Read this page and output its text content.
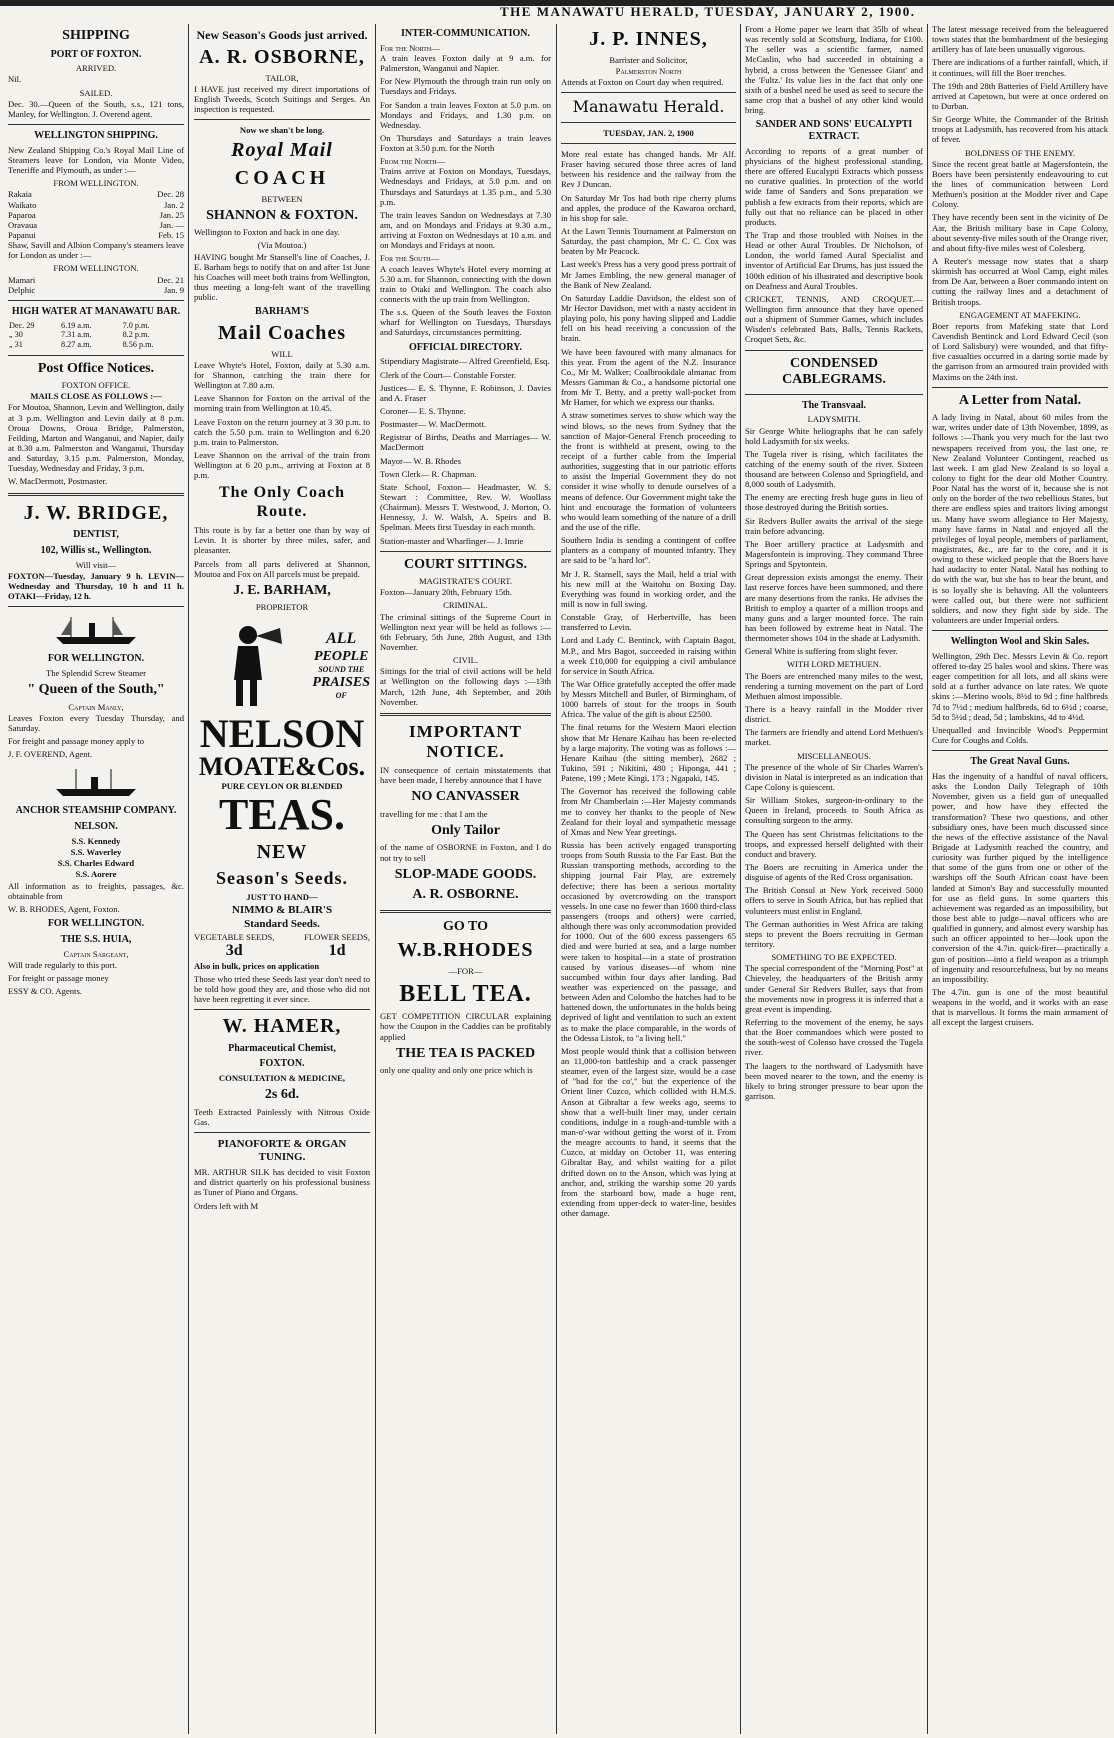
THE MANAWATU HERALD, TUESDAY, JANUARY 2, 1900.
SHIPPING
PORT OF FOXTON.
ARRIVED.

Nil.

SAILED.

Dec. 30.—Queen of the South, s.s., 121 tons, Manley, for Wellington. J. Overend agent.

WELLINGTON SHIPPING.

New Zealand Shipping Co.'s Royal Mail Line of Steamers leave for London, via Monte Video, Teneriffe and Plymouth, as under :—

FROM WELLINGTON.
Rakaia	Dec. 28
Waikato	Jan. 2
Paparoa	Jan. 25
Oravaua	Jan. —
Papanui	Feb. 15

Shaw, Savill and Albion Company's steamers leave for London as under :—

FROM WELLINGTON.
Mamari	Dec. 21
Delphic	Jan. 9
HIGH WATER AT MANAWATU BAR.
Dec. 29	6.19 a.m.	7.0 p.m.
„ 30	7.31 a.m.	8.2 p.m.
„ 31	8.27 a.m.	8.56 p.m.
Post Office Notices.
FOXTON OFFICE.
MAILS CLOSE AS FOLLOWS :—

For Moutoa, Shannon, Levin and Wellington, daily at 3 p.m. Wellington and Levin daily at 8 p.m. Oroua Downs, Oroua Bridge, Palmerston, Feilding, Marton and Wanganui, and Napier, daily at 8.30 a.m. Palmerston and Wanganui, Thursday and Saturday, 3.15 p.m. Palmerston, Monday, Tuesday, Wednesday and Friday, 3 p.m.

W. MacDermott, Postmaster.

J. W. BRIDGE,
DENTIST,
102, Willis st., Wellington.
Will visit—

FOXTON—Tuesday, January 9 h. LEVIN—Wednesday and Thursday, 10 h and 11 h. OTAKI—Friday, 12 h.

FOR WELLINGTON.
The Splendid Screw Steamer
" Queen of the South,"
Captain Manly,

Leaves Foxton every Tuesday Thursday, and Saturday.

For freight and passage money apply to

J. F. OVEREND, Agent.

ANCHOR STEAMSHIP COMPANY.
NELSON.
S.S. Kennedy
S.S. Waverley
S.S. Charles Edward
S.S. Aorere

All information as to freights, passages, &c. obtainable from

W. B. RHODES, Agent, Foxton.

FOR WELLINGTON.
THE S.S. HUIA,
Captain Sargeant,

Will trade regularly to this port.

For freight or passage money

ESSY & CO. Agents.

New Season's Goods just arrived.
A. R. OSBORNE,
TAILOR,

I HAVE just received my direct importations of English Tweeds, Scotch Suitings and Serges. An inspection is requested.

Now we shan't be long.
Royal Mail
COACH
BETWEEN
SHANNON & FOXTON.

Wellington to Foxton and back in one day.

(Via Moutoa.)

HAVING bought Mr Stansell's line of Coaches, J. E. Barham begs to notify that on and after 1st June his Coaches will meet both trains from Wellington, thus meeting a long-felt want of the travelling public.

BARHAM'S
Mail Coaches
WILL

Leave Whyte's Hotel, Foxton, daily at 5.30 a.m. for Shannon, catching the train there for Wellington at 7.80 a.m.

Leave Shannon for Foxton on the arrival of the morning train from Wellington at 10.45.

Leave Foxton on the return journey at 3 30 p.m. to catch the 5.50 p.m. train to Wellington and 6.20 p.m. train to Palmerston.

Leave Shannon on the arrival of the train from Wellington at 6 20 p.m., arriving at Foxton at 8 p.m.

The Only Coach Route.

This route is by far a better one than by way of Levin. It is shorter by three miles, safer, and pleasanter.

Parcels from all parts delivered at Shannon, Moutoa and Fox on All parcels must be prepaid.

J. E. BARHAM,
PROPRIETOR
ALL
PEOPLE
SOUND THE
PRAISES
OF
NELSON
MOATE&Cos.
PURE CEYLON OR BLENDED
TEAS.
NEW
Season's Seeds.
JUST TO HAND—
NIMMO & BLAIR'S
Standard Seeds.
VEGETABLE SEEDS,
3d
FLOWER SEEDS,
1d

Also in bulk, prices on application

Those who tried these Seeds last year don't need to be told how good they are, and those who did not have been regretting it ever since.

W. HAMER,
Pharmaceutical Chemist,
FOXTON.
CONSULTATION & MEDICINE,
2s 6d.

Teeth Extracted Painlessly with Nitrous Oxide Gas.

PIANOFORTE & ORGAN TUNING.

MR. ARTHUR SILK has decided to visit Foxton and district quarterly on his professional business as Tuner of Piano and Organs.

Orders left with M

INTER-COMMUNICATION.
For the North—

A train leaves Foxton daily at 9 a.m. for Palmerston, Wanganui and Napier.

For New Plymouth the through train run only on Tuesdays and Fridays.

For Sandon a train leaves Foxton at 5.0 p.m. on Mondays and Fridays, and 1.30 p.m. on Wednesday.

On Thursdays and Saturdays a train leaves Foxton at 3.50 p.m. for the North

From the North—

Trains arrive at Foxton on Mondays, Tuesdays, Wednesdays and Fridays, at 5.0 p.m. and on Thursdays and Saturdays at 1.35 p.m., and 5.30 p.m.

The train leaves Sandon on Wednesdays at 7.30 am, and on Mondays and Fridays at 9.30 a.m., arriving at Foxton on Wednesdays at 10 a.m. and on Mondays and Fridays at noon.

For the South—

A coach leaves Whyte's Hotel every morning at 5.30 a.m. for Shannon, connecting with the down train to Otaki and Wellington. The coach also connects with the up train from Wellington.

The s.s. Queen of the South leaves the Foxton wharf for Wellington on Tuesdays, Thursdays and Saturdays, circumstances permitting.

OFFICIAL DIRECTORY.

Stipendiary Magistrate— Alfred Greenfield, Esq.

Clerk of the Court— Constable Forster.

Justices— E. S. Thynne, F. Robinson, J. Davies and A. Fraser

Coroner— E. S. Thynne.

Postmaster— W. MacDermott.

Registrar of Births, Deaths and Marriages— W. MacDermott

Mayor— W. B. Rhodes

Town Clerk— R. Chapman.

State School, Foxton— Headmaster, W. S. Stewart : Committee, Rev. W. Woollass (Chairman). Messrs T. Westwood, J. Morton, O. Hennessy, J. W. Walsh, A. Speirs and B. Spelman. Meets first Tuesday in each month.

Station-master and Wharfinger— J. Imrie

COURT SITTINGS.
MAGISTRATE'S COURT.

Foxton—January 20th, February 15th.

CRIMINAL.

The criminal sittings of the Supreme Court in Wellington next year will be held as follows :—6th February, 5th June, 28th August, and 13th November.

CIVIL.

Sittings for the trial of civil actions will be held at Wellington on the following days :—13th March, 12th June, 4th September, and 20th November.

IMPORTANT NOTICE.

IN consequence of certain misstatements that have been made, I hereby announce that I have

NO CANVASSER

travelling for me : that I am the

Only Tailor

of the name of OSBORNE in Foxton, and I do not try to sell

SLOP-MADE GOODS.
A. R. OSBORNE.
GO TO
W.B.RHODES
—FOR—
BELL TEA.

GET COMPETITION CIRCULAR explaining how the Coupon in the Caddies can be profitably applied

THE TEA IS PACKED

only one quality and only one price which is

J. P. INNES,
Barrister and Solicitor,
Palmerston North

Attends at Foxton on Court day when required.

Manawatu Herald.
TUESDAY, JAN. 2, 1900

More real estate has changed hands. Mr Alf. Fraser having secured those three acres of land between his residence and the railway from the Rev J Duncan.

On Saturday Mr Tos had both ripe cherry plums and apples, the produce of the Kawaroa orchard, in his shop for sale.

At the Lawn Tennis Tournament at Palmerston on Saturday, the past champion, Mr C. C. Cox was beaten by Mr Peacock.

Last week's Press has a very good press portrait of Mr James Embling, the new general manager of the Bank of New Zealand.

On Saturday Laddie Davidson, the eldest son of Mr Hector Davidson, met with a nasty accident in playing polo, his pony having slipped and Laddie fell on his head receiving a concussion of the brain.

We have been favoured with many almanacs for this year. From the agent of the N.Z. Insurance Co., Mr M. Walker; Coalbrookdale almanac from Messrs Gamman & Co., a handsome pictorial one from Mr T. Betty, and a pretty wall-pocket from Mr Hamer, for which we express our thanks.

A straw sometimes serves to show which way the wind blows, so the news from Sydney that the sanction of Major-General French proceeding to the front is withheld at present, owing to the receipt of a further cable from the Imperial authorities, suggesting that in our patriotic efforts to assist the Imperial Government they do not consider it wise wholly to denude ourselves of a means of defence. Our Government might take the hint and encourage the formation of volunteers who would learn something of the nature of a drill and the use of the rifle.

Southern India is sending a contingent of coffee planters as a company of mounted infantry. They are said to be "a hard lot".

Mr J. R. Stansell, says the Mail, held a trial with his new mill at the Waitohu on Boxing Day. Everything was found in working order, and the mill is now in full swing.

Constable Gray, of Herbertville, has been transferred to Levin.

Lord and Lady C. Bentinck, with Captain Bagot, M.P., and Mrs Bagot, succeeded in raising within a week £10,000 for equipping a civil ambulance for service in South Africa.

The War Office gratefully accepted the offer made by Messrs Mitchell and Butler, of Birmingham, of 1000 barrels of stout for the troops in South Africa. The value of the gift is about £2500.

The final returns for the Western Maori election show that Mr Henare Kaihau has been re-elected by a large majority. The voting was as follows :—Henare Kaihau (the sitting member), 2682 ; Tukino, 591 ; Nikitini, 480 ; Hiponga, 441 ; Patene, 199 ; Mete Kingi, 173 ; Ngapaki, 145.

The Governor has received the following cable from Mr Chamberlain :—Her Majesty commands me to convey her thanks to the people of New Zealand for their loyal and sympathetic message of Xmas and New Year greetings.

Russia has been actively engaged transporting troops from South Russia to the Far East. But the Russian transporting methods, according to the shipping journal Fair Play, are extremely defective; there has been a serious mortality occasioned by overcrowding on the transport vessels. In one case no fewer than 1600 third-class passengers (troops and others) were carried, although there was only accommodation provided for 1000. Out of the 600 excess passengers 65 died and were buried at sea, and a large number were taken to hospital—in a state of prostration caused by various diseases—of whom nine succumbed within four days after landing. Bad weather was experienced on the passage, and between Aden and Colombo the hatches had to be battened down, the unfortunates in the holds being deprived of light and ventilation to such an extent as to make the place comparable, in the words of the Odessa Listok, to "a living hell."

Most people would think that a collision between an 11,000-ton battleship and a crack passenger steamer, even of the largest size, would be a case of "bad for the co'," but the experience of the Orient liner Cuzco, which collided with H.M.S. Anson at Gibraltar a few weeks ago, seems to show that a well-built liner may, under certain conditions, indulge in a rough-and-tumble with a man-o'-war without getting the worst of it. From the meagre accounts to hand, it seems that the Cuzco, at midday on October 11, was entering Gibraltar Bay, and whilst waiting for a pilot drifted down on to the Anson, which was lying at anchor, and, striking the warship some 20 yards from the starboard bow, made a huge rent, extending from upper-deck to water-line, besides other damage.

From a Home paper we learn that 35lb of wheat was recently sold at Scottsburg, Indiana, for £100. The seller was a scientific farmer, named McCaslin, who had succeeded in obtaining a hybrid, a cross between the 'Genessee Giant' and the 'Fultz.' Its value lies in the fact that only one sixth of a bushel need be used as seed to secure the same crop that a bushel of any other kind would bring.

SANDER AND SONS' EUCALYPTI EXTRACT.

According to reports of a great number of physicians of the highest professional standing, there are offered Eucalypti Extracts which possess no curative qualities. In protection of the world wide fame of Sanders and Sons preparation we publish a few extracts from their reports, which are fully out that no reliance can be placed in other products.

The Trap and those troubled with Noises in the Head or other Aural Troubles. Dr Nicholson, of London, the world famed Aural Specialist and inventor of Artificial Ear Drums, has just issued the 100th edition of his illustrated and descriptive book on Deafness and Aural Troubles.

CRICKET, TENNIS, AND CROQUET.—Wellington firm announce that they have opened out a shipment of Summer Games, which includes Wisden's celebrated Bats, Balls, Tennis Rackets, Croquet Sets, &c.

CONDENSED CABLEGRAMS.
The Transvaal.
LADYSMITH.

Sir George White heliographs that he can safely hold Ladysmith for six weeks.

The Tugela river is rising, which facilitates the catching of the enemy south of the river. Sixteen thousand are between Colenso and Springfield, and 8,000 south of Ladysmith.

The enemy are erecting fresh huge guns in lieu of those destroyed during the British sorties.

Sir Redvers Buller awaits the arrival of the siege train before advancing.

The Boer artillery practice at Ladysmith and Magersfontein is improving. They command Three Springs and Spytontein.

Great depression exists amongst the enemy. Their last reserve forces have been summoned, and there are many desertions from the ranks. He advises the British to employ a quarter of a million troops and many guns and a larger mounted force. The rain has been followed by extreme heat in Natal. The thermometer shows 104 in the shade at Ladysmith.

General White is suffering from slight fever.

WITH LORD METHUEN.

The Boers are entrenched many miles to the west, rendering a turning movement on the part of Lord Methuen almost impossible.

There is a heavy rainfall in the Modder river district.

The farmers are friendly and attend Lord Methuen's market.

MISCELLANEOUS.

The presence of the whole of Sir Charles Warren's division in Natal is interpreted as an indication that Cape Colony is quiescent.

Sir William Stokes, surgeon-in-ordinary to the Queen in Ireland, proceeds to South Africa as consulting surgeon to the army.

The Queen has sent Christmas felicitations to the troops, and expressed herself delighted with their conduct and bravery.

The Boers are recruiting in America under the disguise of agents of the Red Cross organisation.

The British Consul at New York received 5000 offers to serve in South Africa, but has replied that volunteers must enlist in England.

The German authorities in West Africa are taking steps to prevent the Boers recruiting in German territory.

SOMETHING TO BE EXPECTED.

The special correspondent of the "Morning Post" at Chieveley, the headquarters of the British army under General Sir Redvers Buller, says that from the movements now in progress it is inferred that a great event is impending.

Referring to the movement of the enemy, he says that the Boer commandoes which were posted to the south-west of Colenso have crossed the Tugela river.

The laagers to the northward of Ladysmith have been moved nearer to the town, and the enemy is likely to bring stronger pressure to bear upon the garrison.

The latest message received from the beleaguered town states that the bombardment of the besieging artillery has of late been unusually vigorous.

There are indications of a further rainfall, which, if it continues, will fill the Boer trenches.

The 19th and 28th Batteries of Field Artillery have arrived at Capetown, but were at once ordered on to Durban.

Sir George White, the Commander of the British troops at Ladysmith, has recovered from his attack of fever.

BOLDNESS OF THE ENEMY.

Since the recent great battle at Magersfontein, the Boers have been persistently endeavouring to cut the lines of communication between Lord Methuen's position at the Modder river and Cape Colony.

They have recently been sent in the vicinity of De Aar, the British military base in Cape Colony, about seventy-five miles south of the Orange river, and about fifty-five miles west of Colesberg.

A Reuter's message now states that a sharp skirmish has occurred at Wool Camp, eight miles from De Aar, between a Boer commando intent on cutting the railway lines and a detachment of British troops.

ENGAGEMENT AT MAFEKING.

Boer reports from Mafeking state that Lord Cavendish Bentinck and Lord Edward Cecil (son of Lord Salisbury) were wounded, and that fifty-five casualties occurred in a daring sortie made by the garrison from an armoured train provided with Maxims on the 24th inst.

A Letter from Natal.

A lady living in Natal, about 60 miles from the war, writes under date of 13th November, 1899, as follows :—Thank you very much for the last two newspapers received from you, the last one, re New Zealand Volunteer Contingent, reached us last week. I am glad New Zealand is so loyal a colony to fight for the dear old Mother Country. Poor Natal has the worst of it, because she is not only on the border of the two rebellious States, but there are endless spies and traitors living amongst us. Many have sworn allegiance to Her Majesty, many have farms in Natal and enjoyed all the privileges of loyal people, members of parliament, magistrates, &c., are far to the core, and it is owing to these wicked people that the Boers have had audacity to enter Natal. Natal has nothing to do with the war, but she has to bear the brunt, and is so loyally she is behaving. All the volunteers were called out, but there were not sufficient soldiers, and now they fight side by side. The volunteers are under Imperial orders.

Wellington Wool and Skin Sales.

Wellington, 29th Dec. Messrs Levin & Co. report offered to-day 25 bales wool and skins. There was eager competition for all lots, and all skins were sold at a further advance on late rates. We quote skins :—Merino wools, 8½d to 9d ; fine halfbreds 7d to 7½d ; medium halfbreds, 6d to 6½d ; coarse, 5d to 5½d ; dead, 5d ; lambskins, 4d to 4½d.

Unequalled and Invincible Wood's Peppermint Cure for Coughs and Colds.

The Great Naval Guns.

Has the ingenuity of a handful of naval officers, asks the London Daily Telegraph of 10th November, given us a field gun of unequalled power, and how have they effected the transformation? These two questions, and other subsidiary ones, have been much discussed since the news of the effective assistance of the Naval Brigade at Ladysmith reached the country, and curiosity was further piqued by the intelligence that some of the guns from one or other of the warships off the South African coast have been landed at Simon's Bay and successfully mounted for use as field guns. In some quarters this achievement was regarded as an impossibility, but those best able to judge—naval officers who are qualified in gunnery, and almost every warship has such an officer appointed to her—look upon the conversion of the 4.7in. quick-firer—practically a gun of position—into a field weapon as a triumph of ingenuity and resourcefulness, but by no means an impossibility.

The 4.7in. gun is one of the most beautiful weapons in the world, and it works with an ease that is marvellous. It forms the main armament of all except the largest cruisers.
